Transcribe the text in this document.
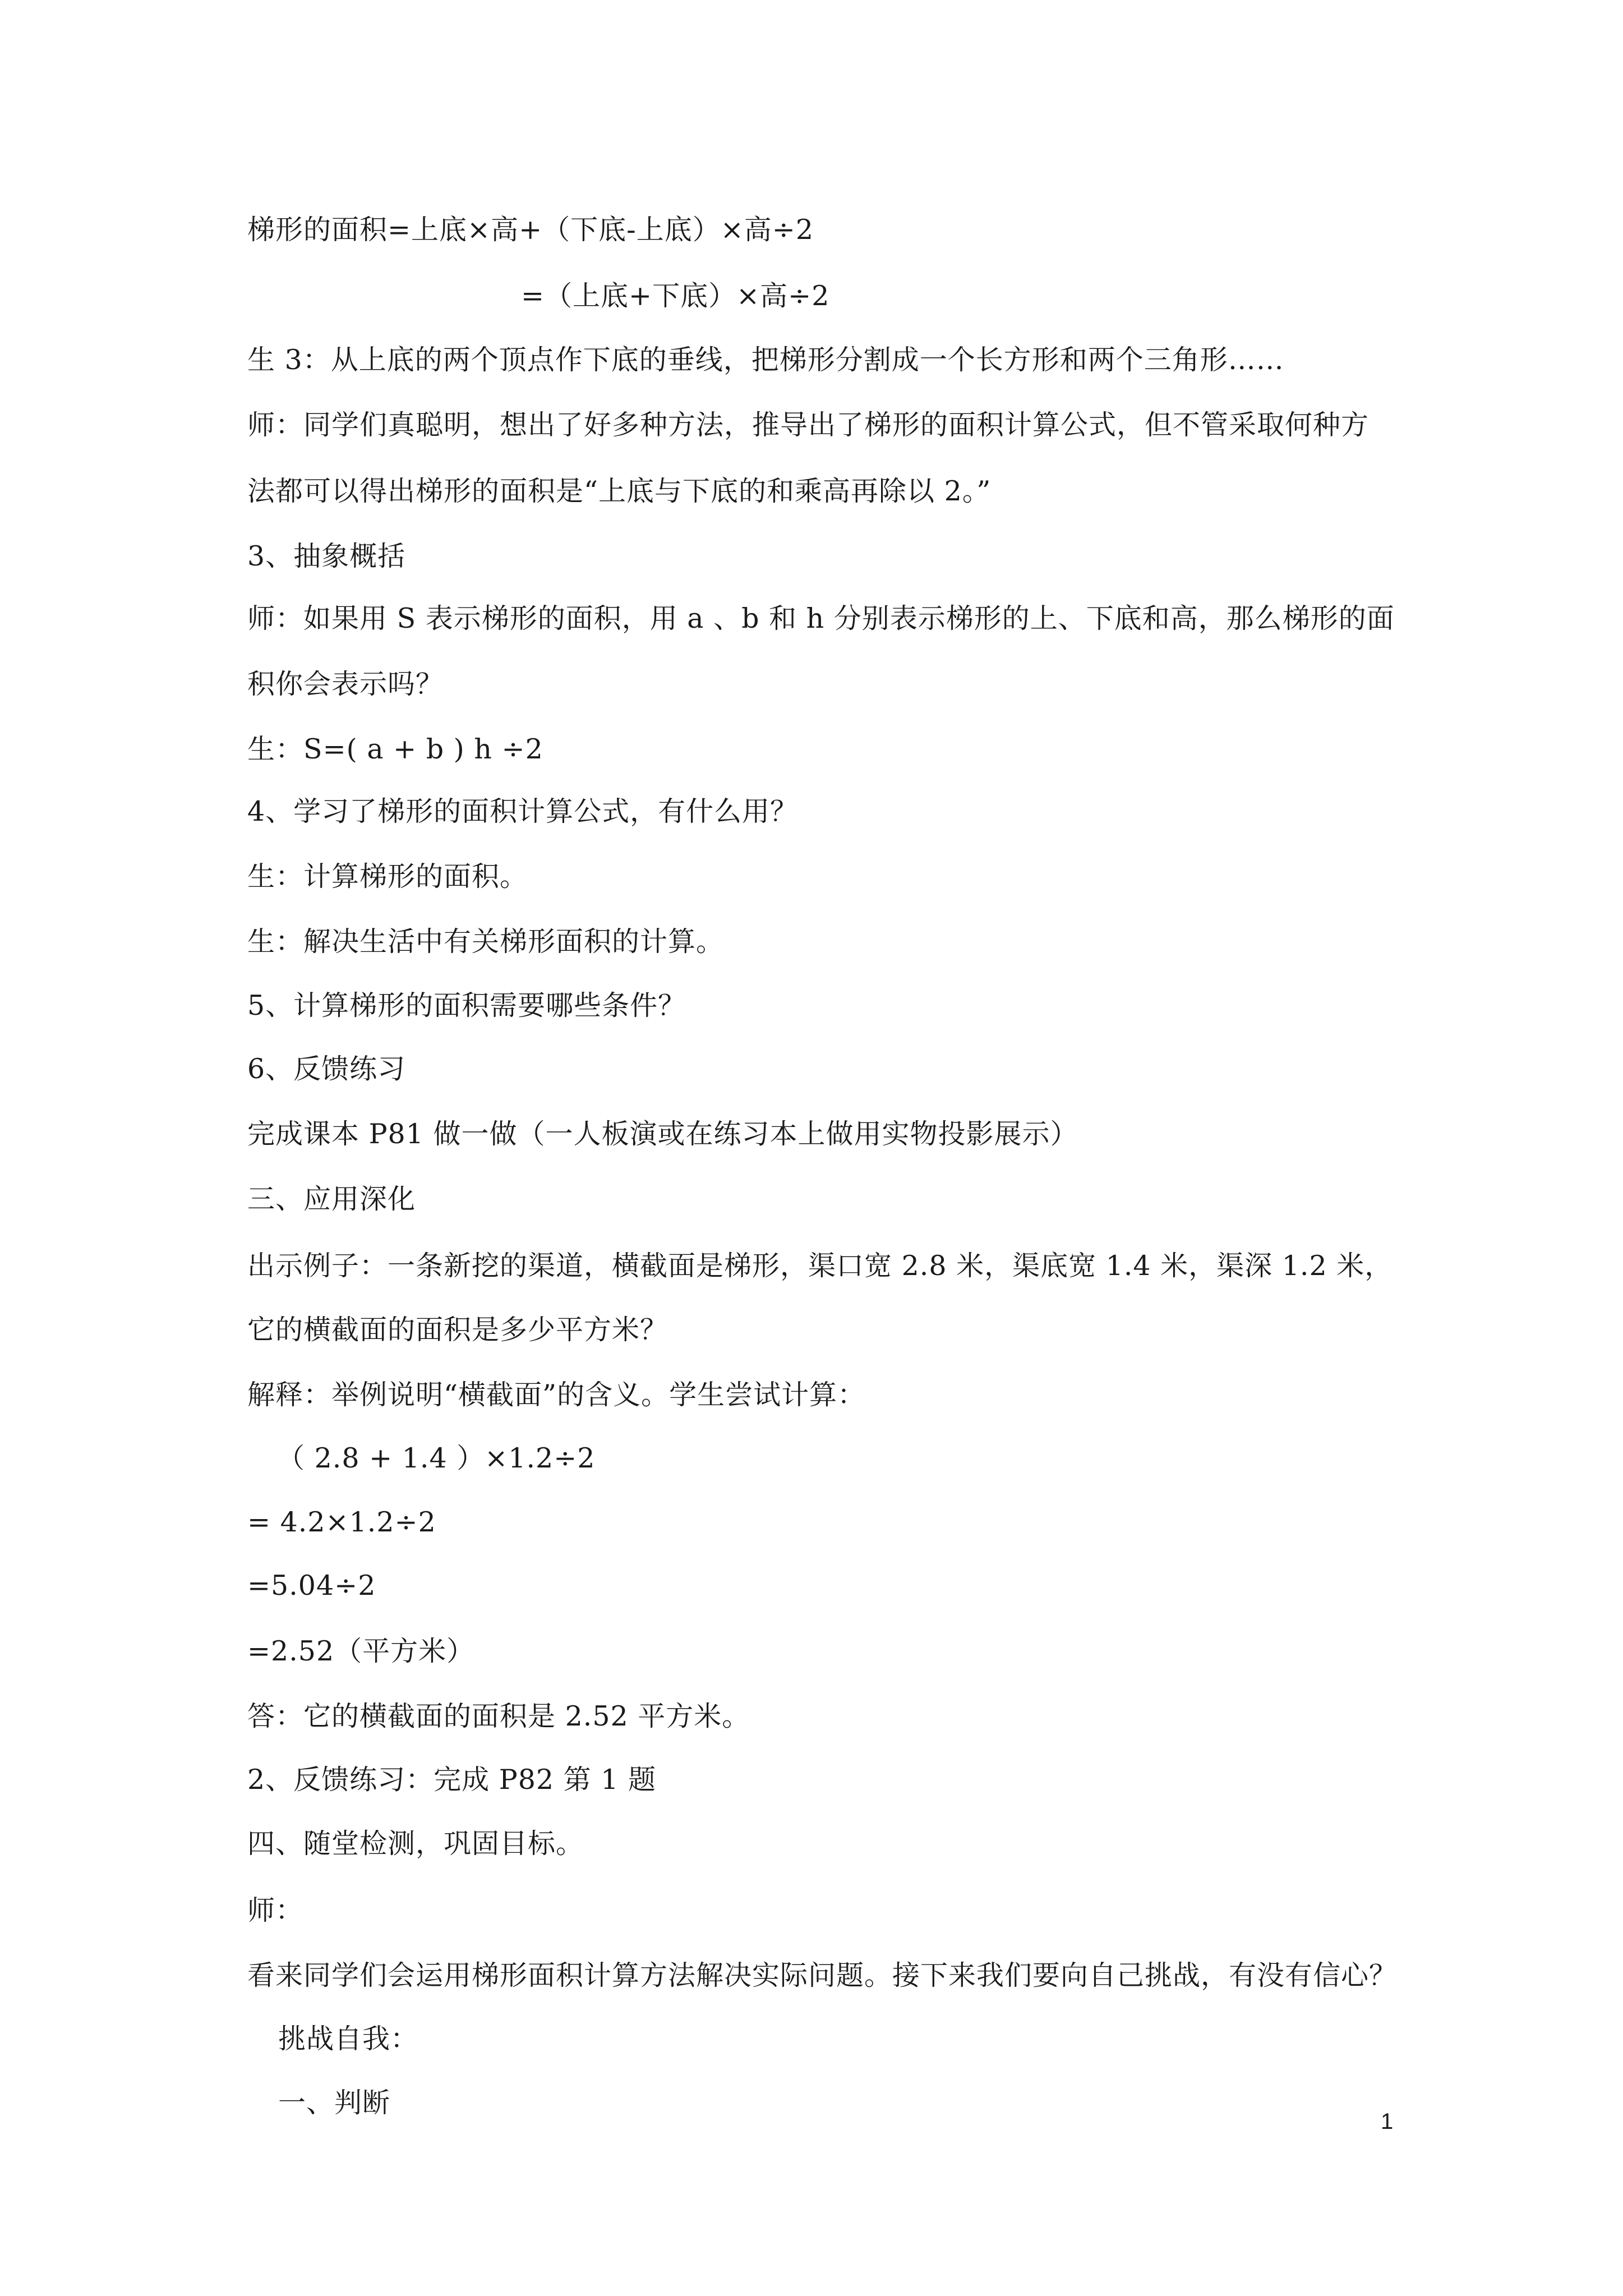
梯形的面积=上底×高+（下底-上底）×高÷2
=（上底+下底）×高÷2
生 3：从上底的两个顶点作下底的垂线，把梯形分割成一个长方形和两个三角形……
师：同学们真聪明，想出了好多种方法，推导出了梯形的面积计算公式，但不管采取何种方
法都可以得出梯形的面积是“上底与下底的和乘高再除以 2。”
3、抽象概括
师：如果用 S 表示梯形的面积，用 a 、b 和 h 分别表示梯形的上、下底和高，那么梯形的面
积你会表示吗？
生：S=( a + b ) h ÷2
4、学习了梯形的面积计算公式，有什么用？
生：计算梯形的面积。
生：解决生活中有关梯形面积的计算。
5、计算梯形的面积需要哪些条件？
6、反馈练习
完成课本 P81 做一做（一人板演或在练习本上做用实物投影展示）
三、应用深化
出示例子：一条新挖的渠道，横截面是梯形，渠口宽 2.8 米，渠底宽 1.4 米，渠深 1.2 米，
它的横截面的面积是多少平方米？
解释：举例说明“横截面”的含义。学生尝试计算：
（ 2.8 + 1.4 ）×1.2÷2
= 4.2×1.2÷2
=5.04÷2
=2.52（平方米）
答：它的横截面的面积是 2.52 平方米。
2、反馈练习：完成 P82 第 1 题
四、随堂检测，巩固目标。
师：
看来同学们会运用梯形面积计算方法解决实际问题。接下来我们要向自己挑战，有没有信心？
挑战自我：
一、判断
1
